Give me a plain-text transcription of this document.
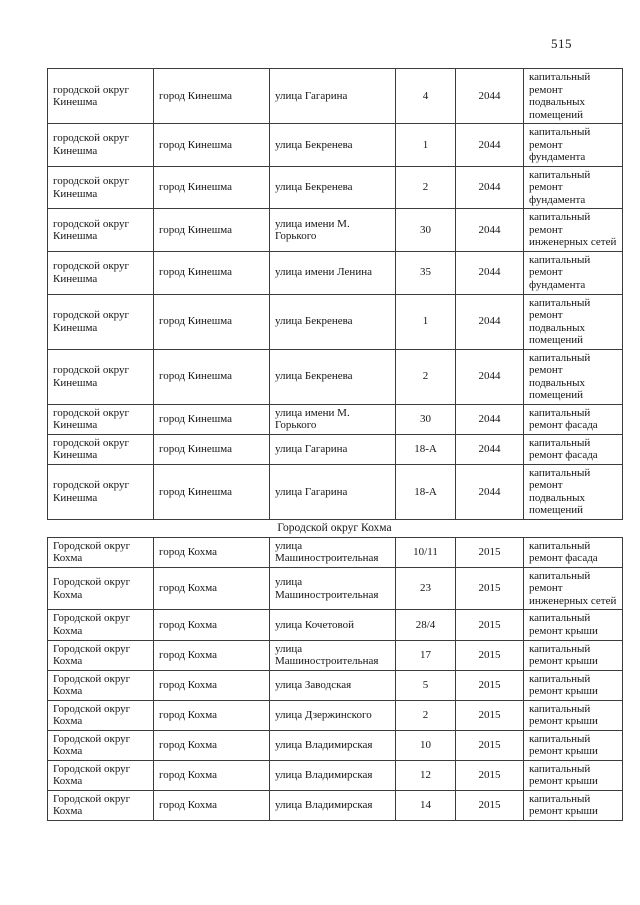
515
городской округ Кинешма	город Кинешма	улица Гагарина	4	2044	капитальный ремонт подвальных помещений
городской округ Кинешма	город Кинешма	улица Бекренева	1	2044	капитальный ремонт фундамента
городской округ Кинешма	город Кинешма	улица Бекренева	2	2044	капитальный ремонт фундамента
городской округ Кинешма	город Кинешма	улица имени М. Горького	30	2044	капитальный ремонт инженерных сетей
городской округ Кинешма	город Кинешма	улица имени Ленина	35	2044	капитальный ремонт фундамента
городской округ Кинешма	город Кинешма	улица Бекренева	1	2044	капитальный ремонт подвальных помещений
городской округ Кинешма	город Кинешма	улица Бекренева	2	2044	капитальный ремонт подвальных помещений
городской округ Кинешма	город Кинешма	улица имени М. Горького	30	2044	капитальный ремонт фасада
городской округ Кинешма	город Кинешма	улица Гагарина	18-А	2044	капитальный ремонт фасада
городской округ Кинешма	город Кинешма	улица Гагарина	18-А	2044	капитальный ремонт подвальных помещений
Городской округ Кохма
Городской округ Кохма	город Кохма	улица Машиностроительная	10/11	2015	капитальный ремонт фасада
Городской округ Кохма	город Кохма	улица Машиностроительная	23	2015	капитальный ремонт инженерных сетей
Городской округ Кохма	город Кохма	улица Кочетовой	28/4	2015	капитальный ремонт крыши
Городской округ Кохма	город Кохма	улица Машиностроительная	17	2015	капитальный ремонт крыши
Городской округ Кохма	город Кохма	улица Заводская	5	2015	капитальный ремонт крыши
Городской округ Кохма	город Кохма	улица Дзержинского	2	2015	капитальный ремонт крыши
Городской округ Кохма	город Кохма	улица Владимирская	10	2015	капитальный ремонт крыши
Городской округ Кохма	город Кохма	улица Владимирская	12	2015	капитальный ремонт крыши
Городской округ Кохма	город Кохма	улица Владимирская	14	2015	капитальный ремонт крыши
